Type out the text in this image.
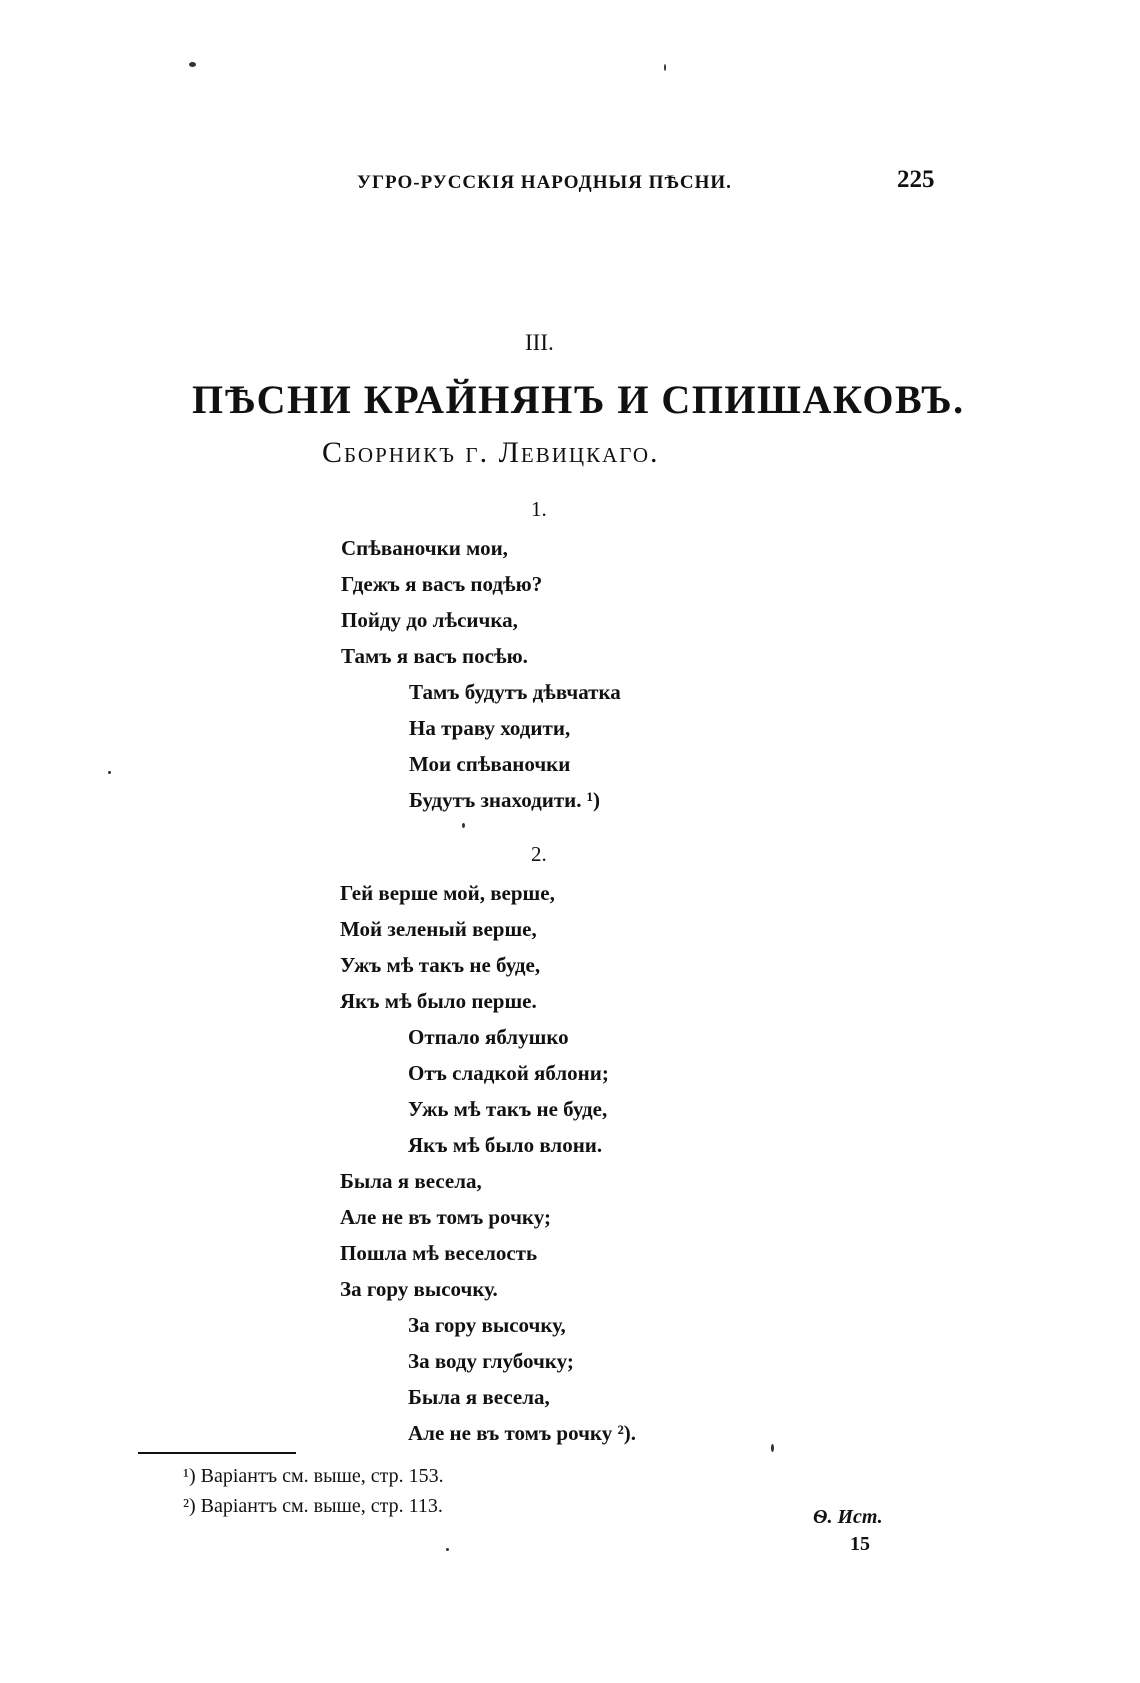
УГРО-РУССКІЯ НАРОДНЫЯ ПѢСНИ.	225
III.
ПѢСНИ КРАЙНЯНЪ И СПИШАКОВЪ.
Сборникъ г. Левицкаго.
1.
Спѣваночки мои,
Гдежъ я васъ подѣю?
Пойду до лѣсичка,
Тамъ я васъ посѣю.
Тамъ будутъ дѣвчатка
На траву ходити,
Мои спѣваночки
Будутъ знаходити. ¹)
2.
Гей верше мой, верше,
Мой зеленый верше,
Ужъ мѣ такъ не буде,
Якъ мѣ было перше.
Отпало яблушко
Отъ сладкой яблони;
Ужь мѣ такъ не буде,
Якъ мѣ было влони.
Была я весела,
Але не въ томъ рочку;
Пошла мѣ веселость
За гору высочку.
За гору высочку,
За воду глубочку;
Была я весела,
Але не въ томъ рочку ²).
¹) Варіантъ см. выше, стр. 153.
²) Варіантъ см. выше, стр. 113.	Ѳ. Ист.
15
